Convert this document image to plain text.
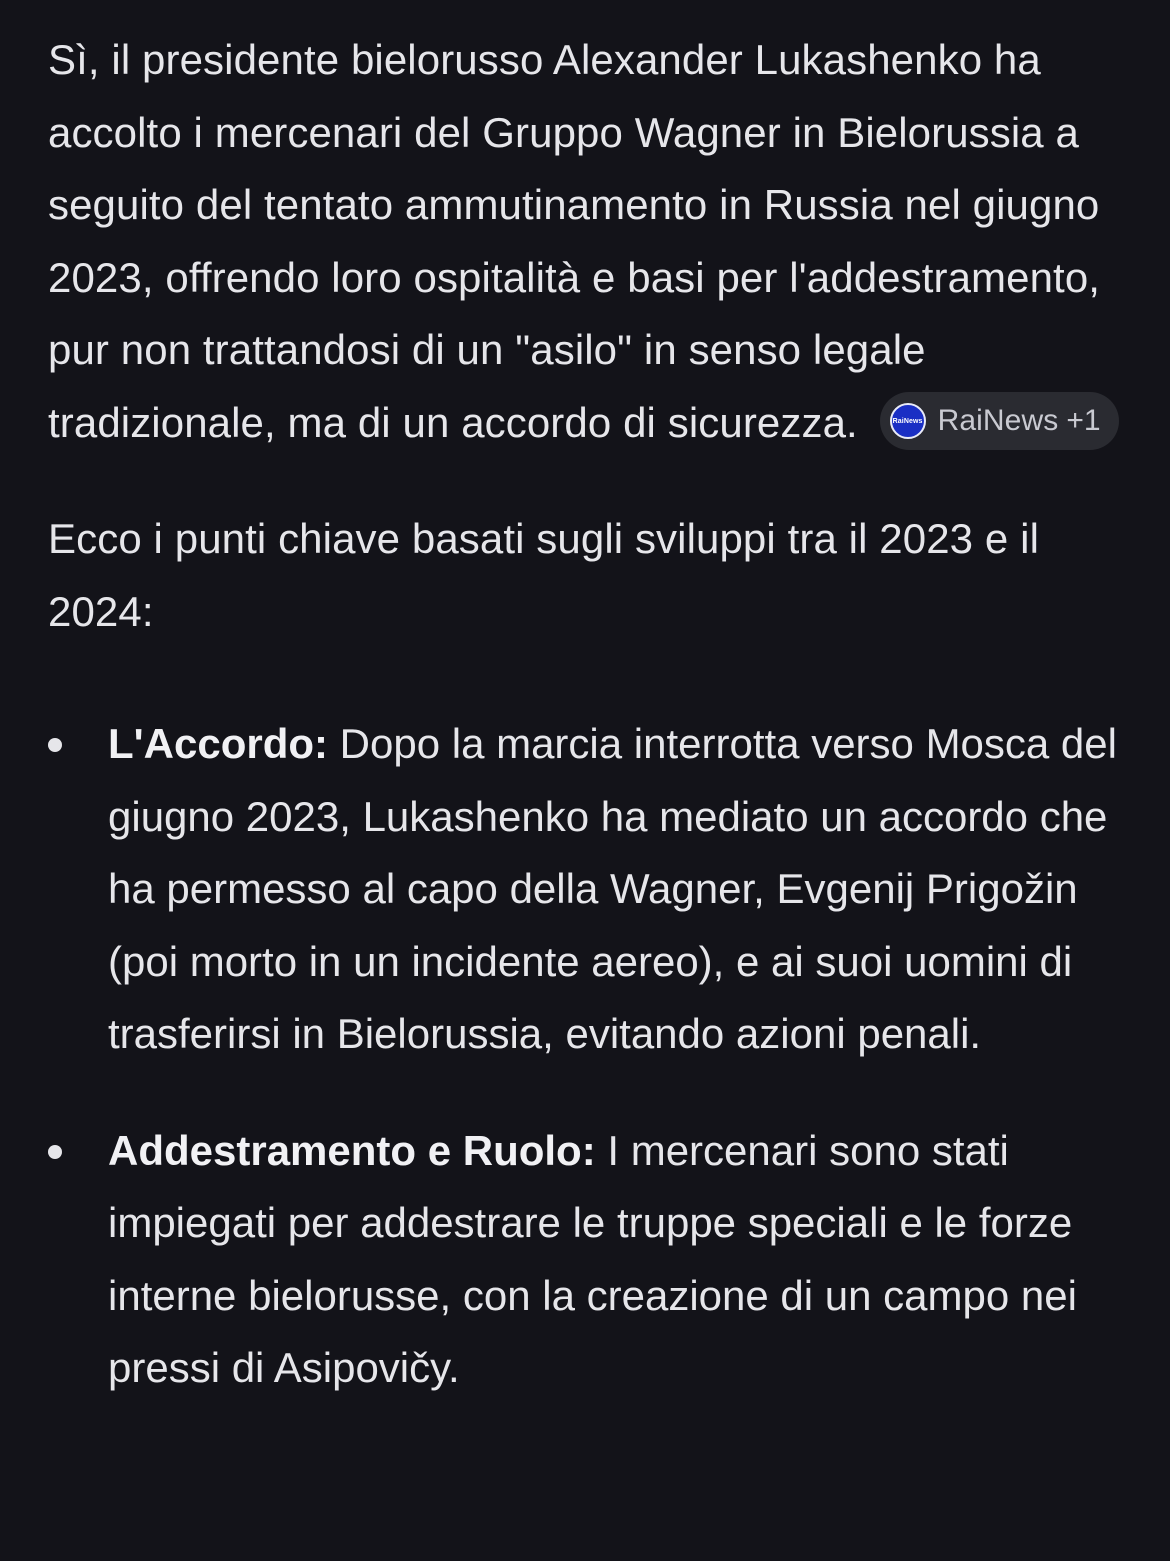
Sì, il presidente bielorusso Alexander Lukashenko ha accolto i mercenari del Gruppo Wagner in Bielorussia a seguito del tentato ammutinamento in Russia nel giugno 2023, offrendo loro ospitalità e basi per l'addestramento, pur non trattandosi di un "asilo" in senso legale tradizionale, ma di un accordo di sicurezza.	RaiNews RaiNews +1

Ecco i punti chiave basati sugli sviluppi tra il 2023 e il 2024:

L'Accordo: Dopo la marcia interrotta verso Mosca del giugno 2023, Lukashenko ha mediato un accordo che ha permesso al capo della Wagner, Evgenij Prigožin (poi morto in un incidente aereo), e ai suoi uomini di trasferirsi in Bielorussia, evitando azioni penali.
Addestramento e Ruolo: I mercenari sono stati impiegati per addestrare le truppe speciali e le forze interne bielorusse, con la creazione di un campo nei pressi di Asipovičy.
